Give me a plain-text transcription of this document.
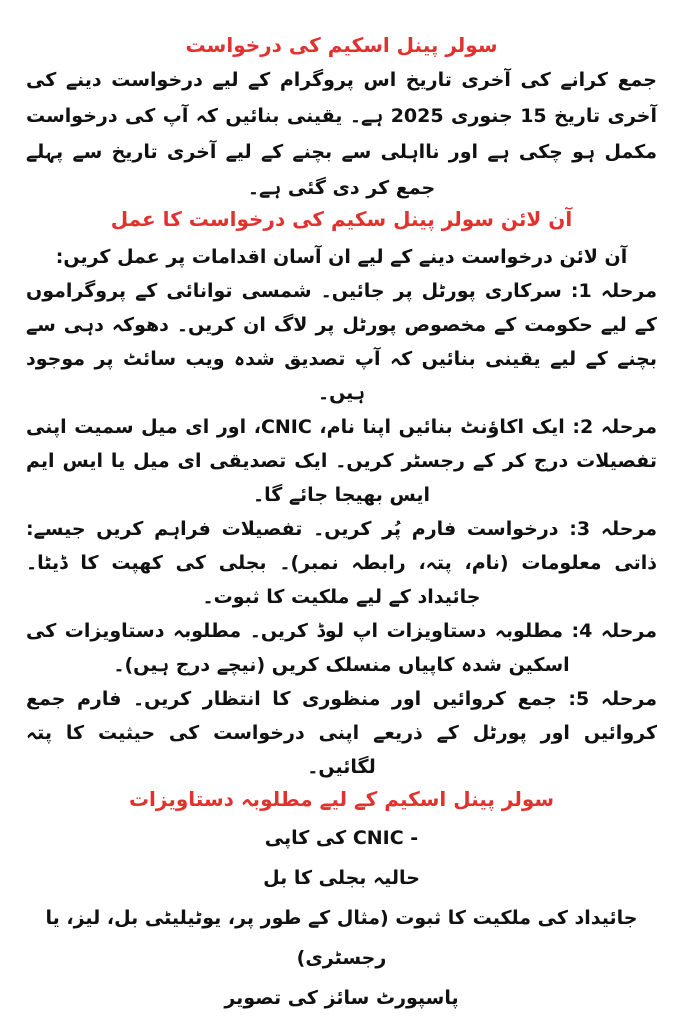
سولر پینل اسکیم کی درخواست

جمع کرانے کی آخری تاریخ اس پروگرام کے لیے درخواست دینے کی آخری تاریخ 15 جنوری 2025 ہے۔ یقینی بنائیں کہ آپ کی درخواست مکمل ہو چکی ہے اور نااہلی سے بچنے کے لیے آخری تاریخ سے پہلے جمع کر دی گئی ہے۔

آن لائن سولر پینل سکیم کی درخواست کا عمل

آن لائن درخواست دینے کے لیے ان آسان اقدامات پر عمل کریں:

مرحلہ 1: سرکاری پورٹل پر جائیں۔ شمسی توانائی کے پروگراموں کے لیے حکومت کے مخصوص پورٹل پر لاگ ان کریں۔ دھوکہ دہی سے بچنے کے لیے یقینی بنائیں کہ آپ تصدیق شدہ ویب سائٹ پر موجود ہیں۔

مرحلہ 2: ایک اکاؤنٹ بنائیں اپنا نام، CNIC، اور ای میل سمیت اپنی تفصیلات درج کر کے رجسٹر کریں۔ ایک تصدیقی ای میل یا ایس ایم ایس بھیجا جائے گا۔

مرحلہ 3: درخواست فارم پُر کریں۔ تفصیلات فراہم کریں جیسے: ذاتی معلومات (نام، پتہ، رابطہ نمبر)۔ بجلی کی کھپت کا ڈیٹا۔ جائیداد کے لیے ملکیت کا ثبوت۔

مرحلہ 4: مطلوبہ دستاویزات اپ لوڈ کریں۔ مطلوبہ دستاویزات کی اسکین شدہ کاپیاں منسلک کریں (نیچے درج ہیں)۔

مرحلہ 5: جمع کروائیں اور منظوری کا انتظار کریں۔ فارم جمع کروائیں اور پورٹل کے ذریعے اپنی درخواست کی حیثیت کا پتہ لگائیں۔

سولر پینل اسکیم کے لیے مطلوبہ دستاویزات
- CNIC کی کاپی
حالیہ بجلی کا بل
جائیداد کی ملکیت کا ثبوت (مثال کے طور پر، یوٹیلیٹی بل، لیز، یا رجسٹری)
پاسپورٹ سائز کی تصویر
